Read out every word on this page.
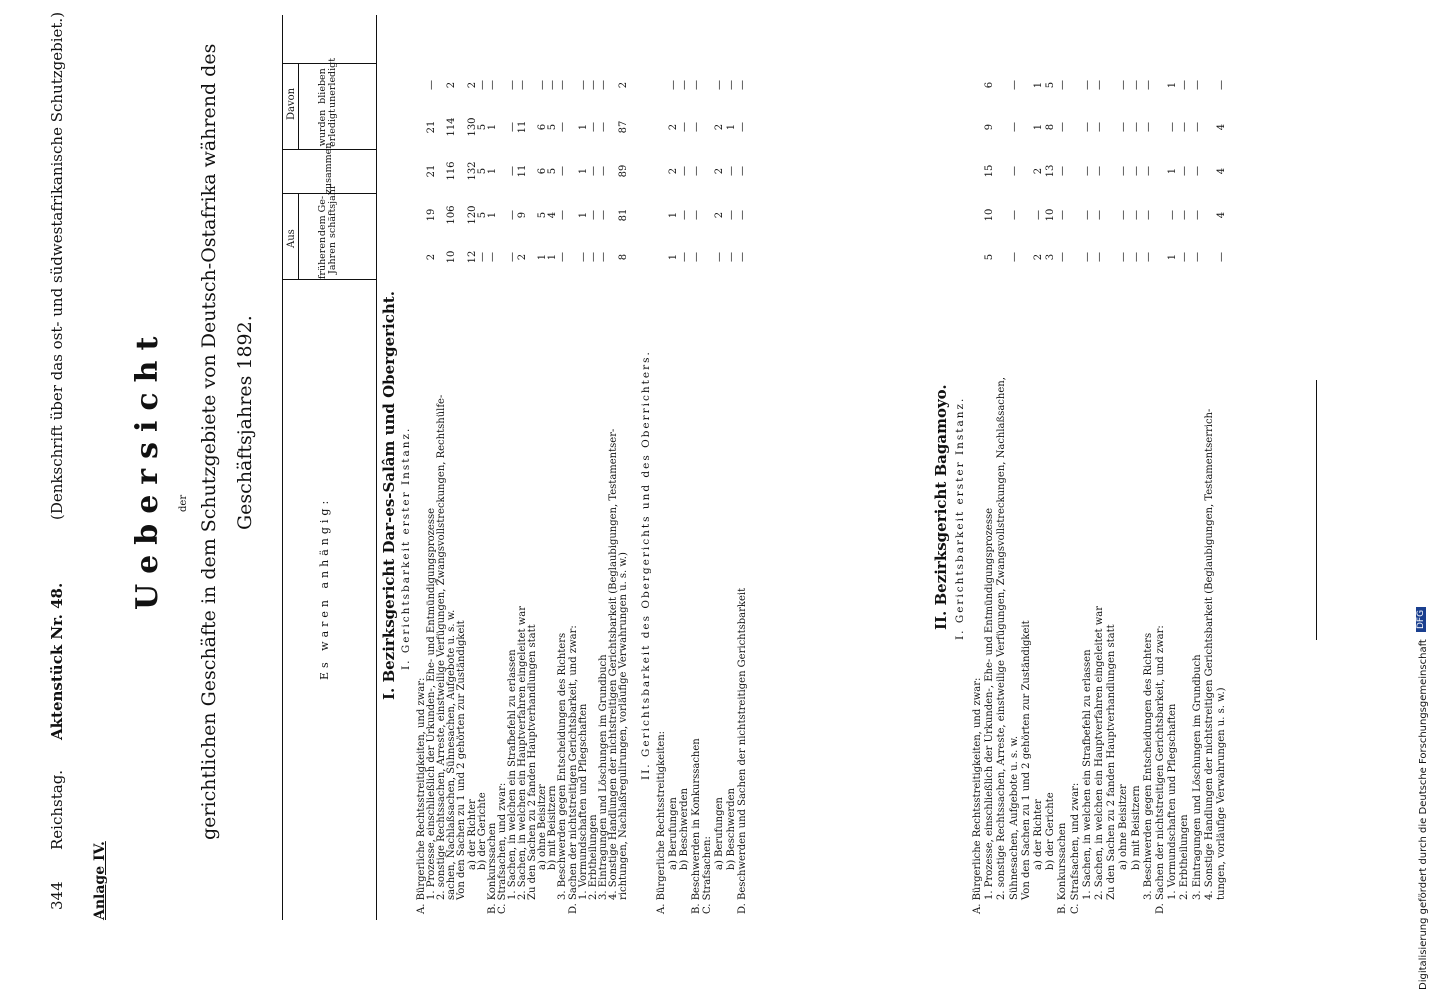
344
Reichstag.
Aktenstück Nr. 48.
(Denkschrift über das ost- und südwestafrikanische Schutzgebiet.)
Anlage IV.
Uebersicht der gerichtlichen Geschäfte in dem Schutzgebiete von Deutsch-Ostafrika während des Geschäftsjahres 1892.
Es waren anhängig:
Aus früheren Jahren
dem Ge- schäftsjahr
zusammen
Davon
wurden erledigt
blieben unerledigt
I. Bezirksgericht Dar-es-Salâm und Obergericht. I. Gerichtsbarkeit erster Instanz.
A. Bürgerliche Rechtsstreitigkeiten, und zwar: 1. Prozesse, einschließlich der Urkunden-, Ehe- und Entmündigungsprozesse
2
19
21
21
—
2. sonstige Rechtssachen, Arreste, einstweilige Verfügungen, Zwangsvollstreckungen, Rechtshülfe- sachen, Nachlaßsachen, Sühnesachen, Aufgebote u. s. w.
10
106
116
114
2
Von den Sachen zu 1 und 2 gehörten zur Zuständigkeit a) der Richter
12
120
132
130
2
b) der Gerichte
—
5
5
5
—
B. Konkurssachen
—
1
1
1
—
C. Strafsachen, und zwar: 1. Sachen, in welchen ein Strafbefehl zu erlassen
—
—
—
—
—
2. Sachen, in welchen ein Hauptverfahren eingeleitet war
2
9
11
11
—
Zu den Sachen zu 2 fanden Hauptverhandlungen statt a) ohne Beisitzer
1
5
6
6
—
b) mit Beisitzern
1
4
5
5
—
3. Beschwerden gegen Entscheidungen des Richters
—
—
—
—
—
D. Sachen der nichtstreitigen Gerichtsbarkeit, und zwar: 1. Vormundschaften und Pflegschaften
—
1
1
1
—
2. Erbtheilungen
—
—
—
—
—
3. Eintragungen und Löschungen im Grundbuch
—
—
—
—
—
4. Sonstige Handlungen der nichtstreitigen Gerichtsbarkeit (Beglaubigungen, Testamentser- richtungen, Nachlaßregulirungen, vorläufige Verwahrungen u. s. w.)
8
81
89
87
2
II. Gerichtsbarkeit des Obergerichts und des Oberrichters.
A. Bürgerliche Rechtsstreitigkeiten: a) Berufungen
1
1
2
2
—
b) Beschwerden
—
—
—
—
—
B. Beschwerden in Konkurssachen
—
—
—
—
—
C. Strafsachen:
a) Berufungen
—
2
2
2
—
b) Beschwerden
—
—
—
1
—
D. Beschwerden und Sachen der nichtstreitigen Gerichtsbarkeit
—
—
—
—
—
II. Bezirksgericht Bagamoyo. I. Gerichtsbarkeit erster Instanz.
A. Bürgerliche Rechtsstreitigkeiten, und zwar: 1. Prozesse, einschließlich der Urkunden-, Ehe- und Entmündigungsprozesse
5
10
15
9
6
2. sonstige Rechtssachen, Arreste, einstweilige Verfügungen, Zwangsvollstreckungen, Nachlaßsachen, Sühnesachen, Aufgebote u. s. w.
—
—
—
—
—
Von den Sachen zu 1 und 2 gehörten zur Zuständigkeit a) der Richter
2
—
2
1
1
b) der Gerichte
3
10
13
8
5
B. Konkurssachen
—
—
—
—
—
C. Strafsachen, und zwar: 1. Sachen, in welchen ein Strafbefehl zu erlassen
—
—
—
—
—
2. Sachen, in welchen ein Hauptverfahren eingeleitet war
—
—
—
—
—
Zu den Sachen zu 2 fanden Hauptverhandlungen statt a) ohne Beisitzer
—
—
—
—
—
b) mit Beisitzern
—
—
—
—
—
3. Beschwerden gegen Entscheidungen des Richters
—
—
—
—
—
D. Sachen der nichtstreitigen Gerichtsbarkeit, und zwar: 1. Vormundschaften und Pflegschaften
1
—
1
—
1
2. Erbtheilungen
—
—
—
—
—
3. Eintragungen und Löschungen im Grundbuch
—
—
—
—
—
4. Sonstige Handlungen der nichtstreitigen Gerichtsbarkeit (Beglaubigungen, Testamentserrich- tungen, vorläufige Verwahrungen u. s. w.)
—
4
4
4
—
Digitalisierung gefördert durch die Deutsche Forschungsgemeinschaft
DFG
